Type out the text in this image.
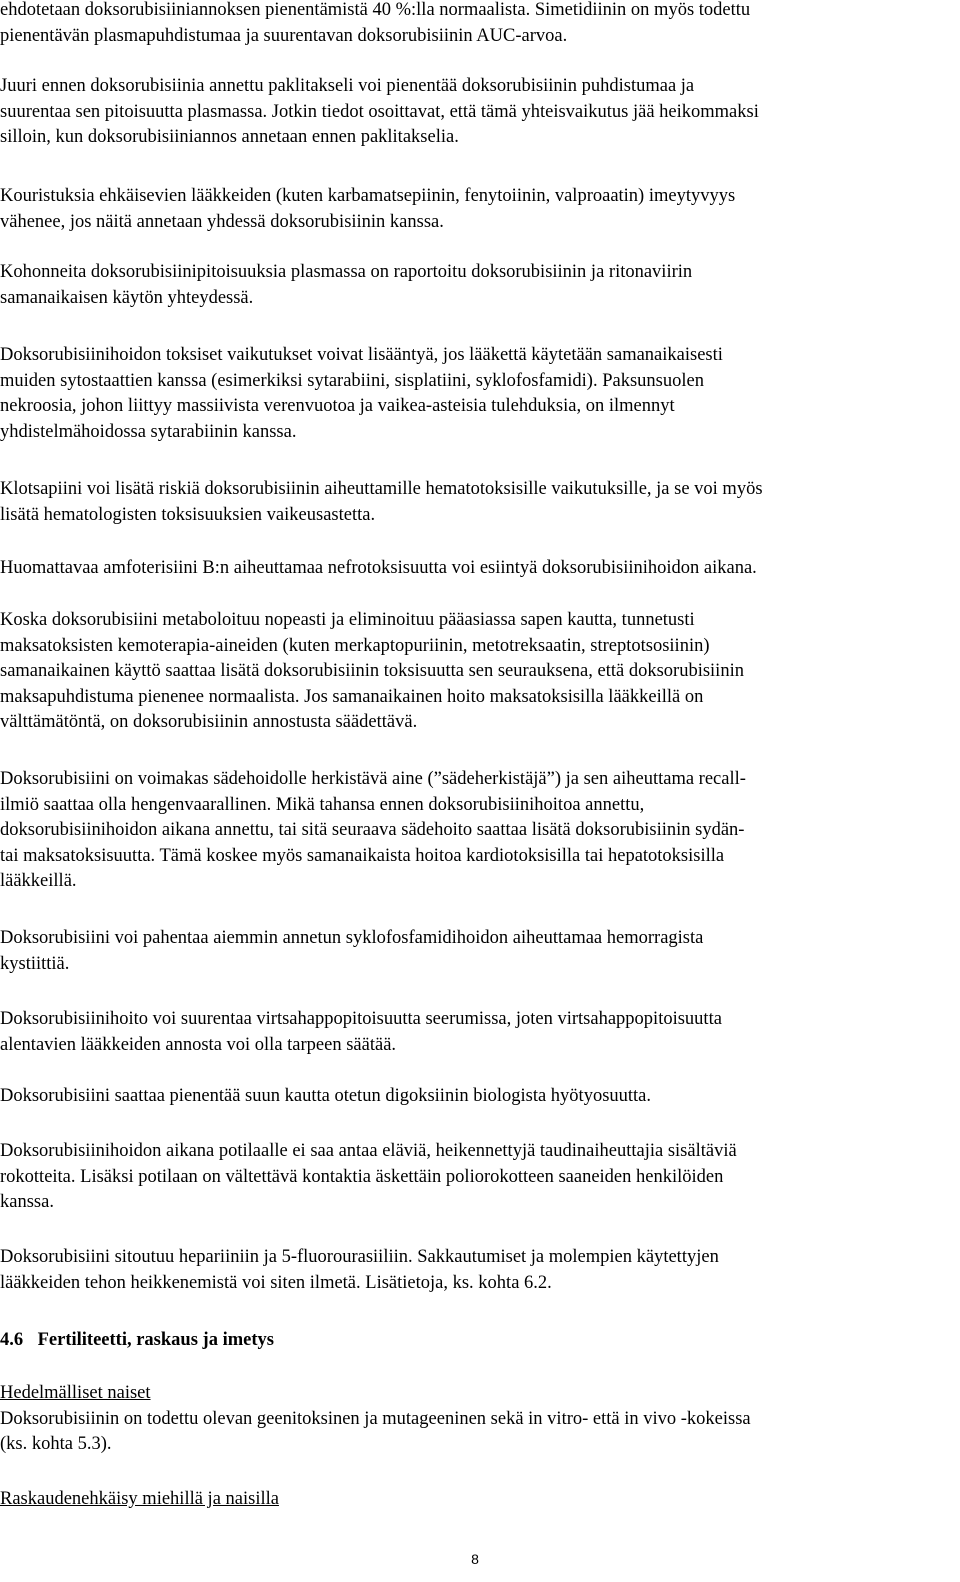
ehdotetaan doksorubisiiniannoksen pienentämistä 40 %:lla normaalista. Simetidiinin on myös todettu
pienentävän plasmapuhdistumaa ja suurentavan doksorubisiinin AUC-arvoa.
Juuri ennen doksorubisiinia annettu paklitakseli voi pienentää doksorubisiinin puhdistumaa ja
suurentaa sen pitoisuutta plasmassa. Jotkin tiedot osoittavat, että tämä yhteisvaikutus jää heikommaksi
silloin, kun doksorubisiiniannos annetaan ennen paklitakselia.
Kouristuksia ehkäisevien lääkkeiden (kuten karbamatsepiinin, fenytoiinin, valproaatin) imeytyvyys
vähenee, jos näitä annetaan yhdessä doksorubisiinin kanssa.
Kohonneita doksorubisiinipitoisuuksia plasmassa on raportoitu doksorubisiinin ja ritonaviirin
samanaikaisen käytön yhteydessä.
Doksorubisiinihoidon toksiset vaikutukset voivat lisääntyä, jos lääkettä käytetään samanaikaisesti
muiden sytostaattien kanssa (esimerkiksi sytarabiini, sisplatiini, syklofosfamidi). Paksunsuolen
nekroosia, johon liittyy massiivista verenvuotoa ja vaikea-asteisia tulehduksia, on ilmennyt
yhdistelmähoidossa sytarabiinin kanssa.
Klotsapiini voi lisätä riskiä doksorubisiinin aiheuttamille hematotoksisille vaikutuksille, ja se voi myös
lisätä hematologisten toksisuuksien vaikeusastetta.
Huomattavaa amfoterisiini B:n aiheuttamaa nefrotoksisuutta voi esiintyä doksorubisiinihoidon aikana.
Koska doksorubisiini metaboloituu nopeasti ja eliminoituu pääasiassa sapen kautta, tunnetusti
maksatoksisten kemoterapia-aineiden (kuten merkaptopuriinin, metotreksaatin, streptotsosiinin)
samanaikainen käyttö saattaa lisätä doksorubisiinin toksisuutta sen seurauksena, että doksorubisiinin
maksapuhdistuma pienenee normaalista. Jos samanaikainen hoito maksatoksisilla lääkkeillä on
välttämätöntä, on doksorubisiinin annostusta säädettävä.
Doksorubisiini on voimakas sädehoidolle herkistävä aine (”sädeherkistäjä”) ja sen aiheuttama recall-
ilmiö saattaa olla hengenvaarallinen. Mikä tahansa ennen doksorubisiinihoitoa annettu,
doksorubisiinihoidon aikana annettu, tai sitä seuraava sädehoito saattaa lisätä doksorubisiinin sydän-
tai maksatoksisuutta. Tämä koskee myös samanaikaista hoitoa kardiotoksisilla tai hepatotoksisilla
lääkkeillä.
Doksorubisiini voi pahentaa aiemmin annetun syklofosfamidihoidon aiheuttamaa hemorragista
kystiittiä.
Doksorubisiinihoito voi suurentaa virtsahappopitoisuutta seerumissa, joten virtsahappopitoisuutta
alentavien lääkkeiden annosta voi olla tarpeen säätää.
Doksorubisiini saattaa pienentää suun kautta otetun digoksiinin biologista hyötyosuutta.
Doksorubisiinihoidon aikana potilaalle ei saa antaa eläviä, heikennettyjä taudinaiheuttajia sisältäviä
rokotteita. Lisäksi potilaan on vältettävä kontaktia äskettäin poliorokotteen saaneiden henkilöiden
kanssa.
Doksorubisiini sitoutuu hepariiniin ja 5-fluorourasiiliin. Sakkautumiset ja molempien käytettyjen
lääkkeiden tehon heikkenemistä voi siten ilmetä. Lisätietoja, ks. kohta 6.2.
4.6 Fertiliteetti, raskaus ja imetys
Hedelmälliset naiset
Doksorubisiinin on todettu olevan geenitoksinen ja mutageeninen sekä in vitro- että in vivo -kokeissa
(ks. kohta 5.3).
Raskaudenehkäisy miehillä ja naisilla
8
